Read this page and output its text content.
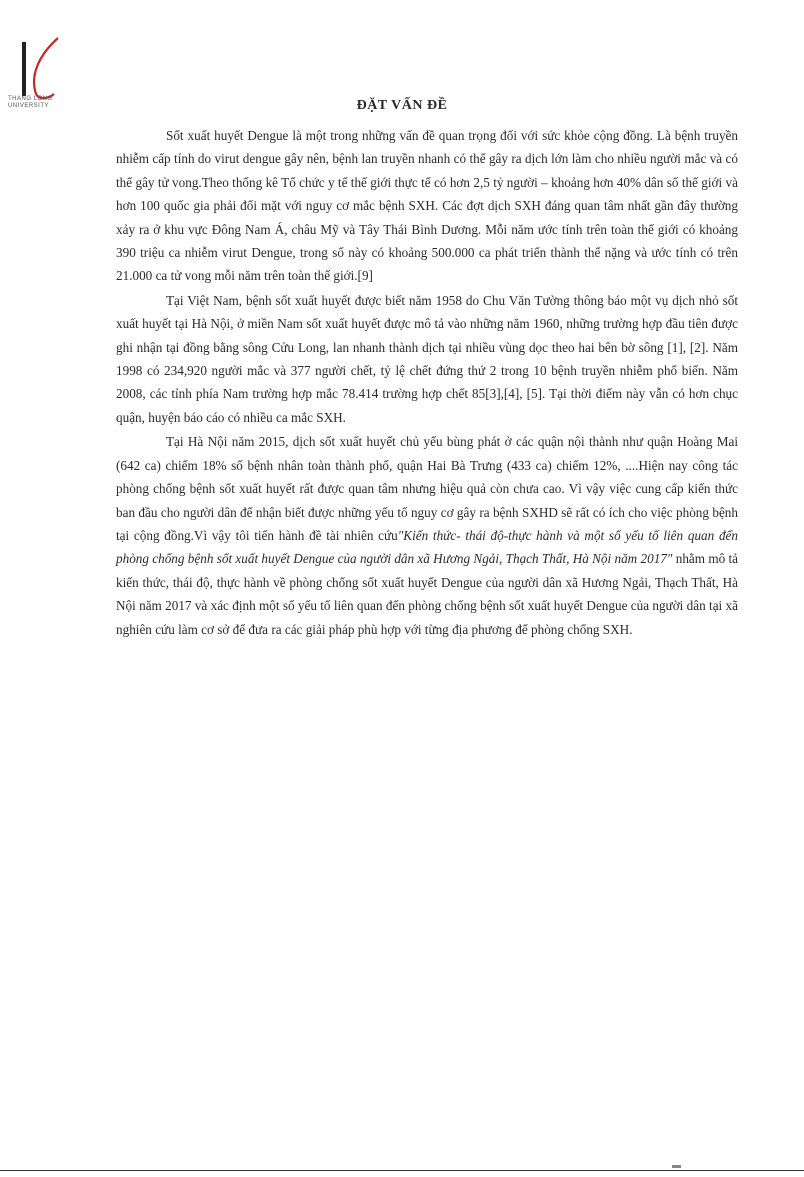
THANG LONG
UNIVERSITY	ĐẶT VẤN ĐỀ

Sốt xuất huyết Dengue là một trong những vấn đề quan trọng đối với sức khỏe cộng đồng. Là bệnh truyền nhiễm cấp tính do virut dengue gây nên, bệnh lan truyền nhanh có thể gây ra dịch lớn làm cho nhiều người mắc và có thể gây tử vong.Theo thống kê Tổ chức y tế thế giới thực tế có hơn 2,5 tỷ người – khoảng hơn 40% dân số thế giới và hơn 100 quốc gia phải đối mặt với nguy cơ mắc bệnh SXH. Các đợt dịch SXH đáng quan tâm nhất gần đây thường xảy ra ở khu vực Đông Nam Á, châu Mỹ và Tây Thái Bình Dương. Mỗi năm ước tính trên toàn thế giới có khoảng 390 triệu ca nhiễm virut Dengue, trong số này có khoảng 500.000 ca phát triển thành thể nặng và ước tính có trên 21.000 ca tử vong mỗi năm trên toàn thế giới.[9]

Tại Việt Nam, bệnh sốt xuất huyết được biết năm 1958 do Chu Văn Tường thông báo một vụ dịch nhỏ sốt xuất huyết tại Hà Nội, ở miền Nam sốt xuất huyết được mô tả vào những năm 1960, những trường hợp đầu tiên được ghi nhận tại đồng bằng sông Cửu Long, lan nhanh thành dịch tại nhiều vùng dọc theo hai bên bờ sông [1], [2]. Năm 1998 có 234,920 người mắc và 377 người chết, tỷ lệ chết đứng thứ 2 trong 10 bệnh truyền nhiễm phổ biến. Năm 2008, các tỉnh phía Nam trường hợp mắc 78.414 trường hợp chết 85[3],[4], [5]. Tại thời điểm này vẫn có hơn chục quận, huyện báo cáo có nhiều ca mắc SXH.

Tại Hà Nội năm 2015, dịch sốt xuất huyết chủ yếu bùng phát ở các quận nội thành như quận Hoàng Mai (642 ca) chiếm 18% số bệnh nhân toàn thành phố, quận Hai Bà Trưng (433 ca) chiếm 12%, ....Hiện nay công tác phòng chống bệnh sốt xuất huyết rất được quan tâm nhưng hiệu quả còn chưa cao. Vì vậy việc cung cấp kiến thức ban đầu cho người dân để nhận biết được những yếu tố nguy cơ gây ra bệnh SXHD sẽ rất có ích cho việc phòng bệnh tại cộng đồng.Vì vậy tôi tiến hành đề tài nhiên cứu"Kiến thức- thái độ-thực hành và một số yếu tố liên quan đến phòng chống bệnh sốt xuất huyết Dengue của người dân xã Hương Ngải, Thạch Thất, Hà Nội năm 2017" nhằm mô tả kiến thức, thái độ, thực hành về phòng chống sốt xuất huyết Dengue của người dân xã Hương Ngải, Thạch Thất, Hà Nội năm 2017 và xác định một số yếu tố liên quan đến phòng chống bệnh sốt xuất huyết Dengue của người dân tại xã nghiên cứu làm cơ sở để đưa ra các giải pháp phù hợp với từng địa phương để phòng chống SXH.
